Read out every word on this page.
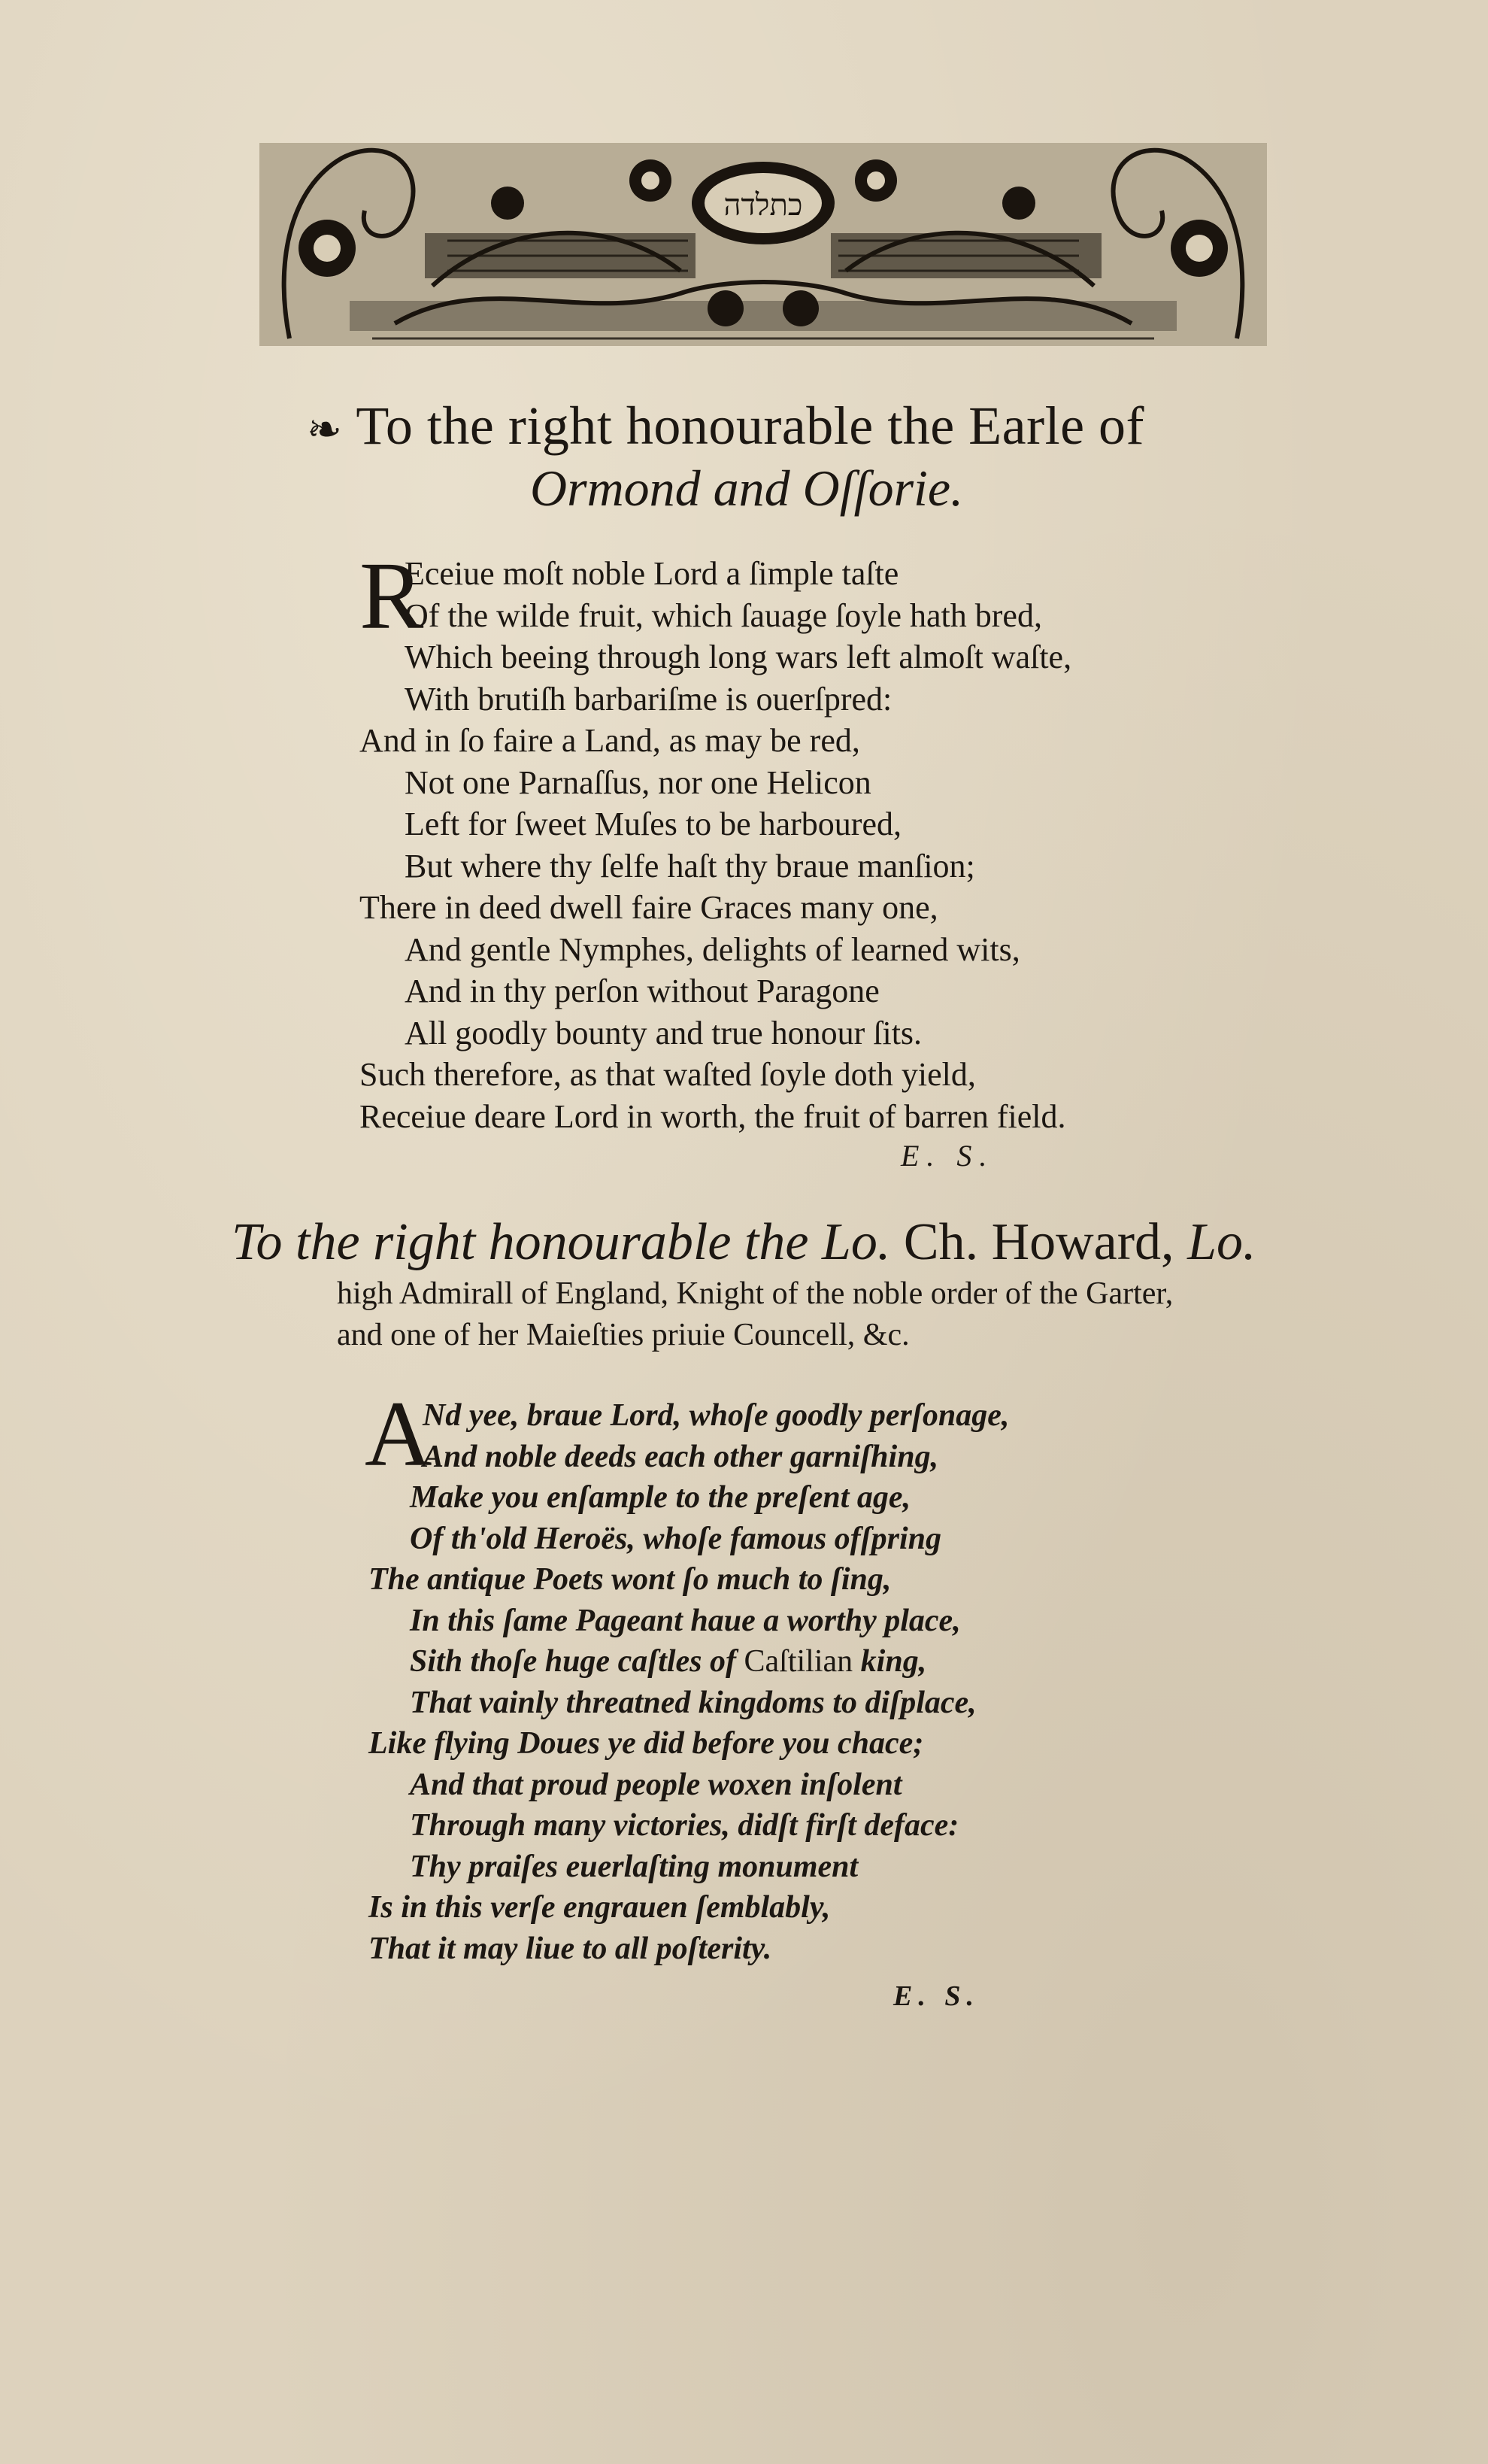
כתלדה
❧ To the right honourable the Earle of
Ormond and Oſſorie.
R
Eceiue moſt noble Lord a ſimple taſte
Of the wilde fruit, which ſauage ſoyle hath bred,
Which beeing through long wars left almoſt waſte,
With brutiſh barbariſme is ouerſpred:
And in ſo faire a Land, as may be red,
Not one Parnaſſus, nor one Helicon
Left for ſweet Muſes to be harboured,
But where thy ſelfe haſt thy braue manſion;
There in deed dwell faire Graces many one,
And gentle Nymphes, delights of learned wits,
And in thy perſon without Paragone
All goodly bounty and true honour ſits.
Such therefore, as that waſted ſoyle doth yield,
Receiue deare Lord in worth, the fruit of barren field.
E. S.
To the right honourable the Lo. Ch. Howard, Lo.
high Admirall of England, Knight of the noble order of the Garter,
and one of her Maieſties priuie Councell, &c.
A
Nd yee, braue Lord, whoſe goodly perſonage,
And noble deeds each other garniſhing,
Make you enſample to the preſent age,
Of th'old Heroës, whoſe famous ofſpring
The antique Poets wont ſo much to ſing,
In this ſame Pageant haue a worthy place,
Sith thoſe huge caſtles of Caſtilian king,
That vainly threatned kingdoms to diſplace,
Like flying Doues ye did before you chace;
And that proud people woxen inſolent
Through many victories, didſt firſt deface:
Thy praiſes euerlaſting monument
Is in this verſe engrauen ſemblably,
That it may liue to all poſterity.
E. S.
